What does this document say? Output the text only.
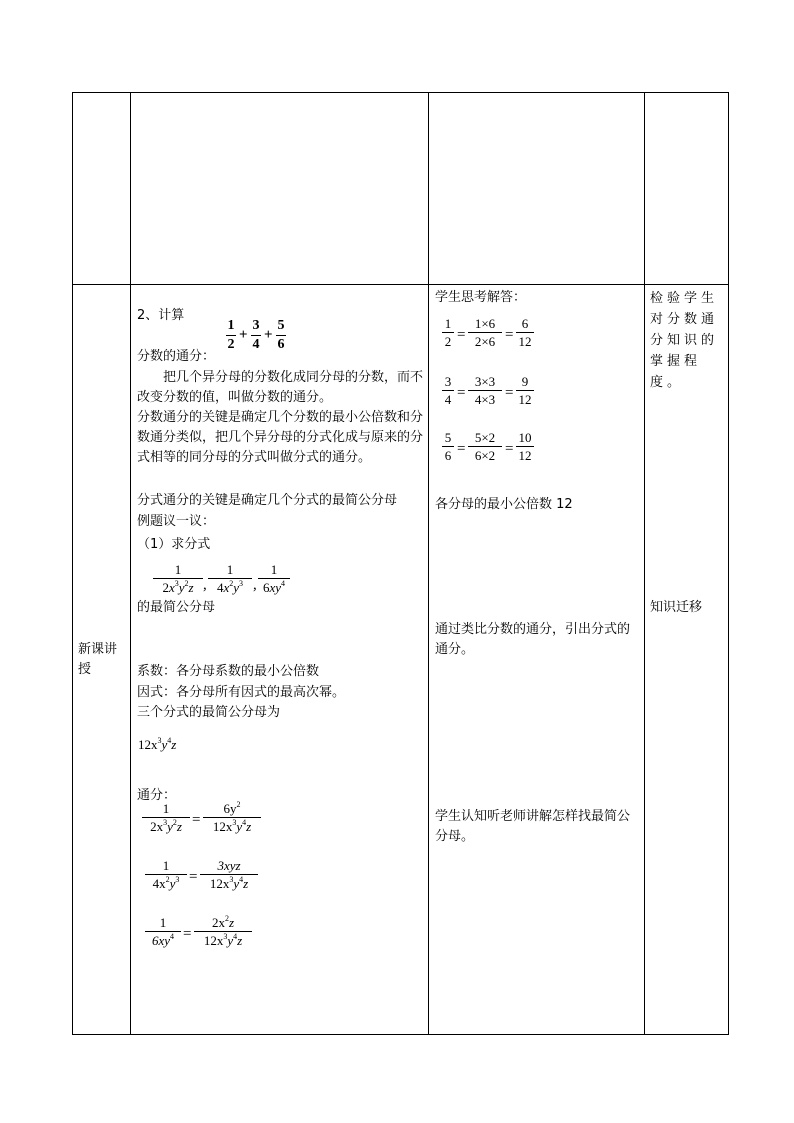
新课讲授
2、计算
1
2
+
3
4
+
5
6
分数的通分：
把几个异分母的分数化成同分母的分数，而不改变分数的值，叫做分数的通分。
分数通分的关键是确定几个分数的最小公倍数和分数通分类似，把几个异分母的分式化成与原来的分式相等的同分母的分式叫做分式的通分。
分式通分的关键是确定几个分式的最简公分母
例题议一议：
（1）求分式
1
$2x^3y^2z$ ,
1
$4x^2y^3$ ,
1
$6xy^4$
的最简公分母
系数：各分母系数的最小公倍数
因式：各分母所有因式的最高次幂。
三个分式的最简公分母为
$12x^3y^4z$
通分：
1
$2x^3y^2z$ =
$6y^2$
$12x^3y^4z$
1
$4x^2y^3$ =
3xyz
$12x^3y^4z$
1
$6xy^4$ =
$2x^2z$
$12x^3y^4z$
学生思考解答：
1
2 =
1×6
2×6 =
6
12
3
4 =
3×3
4×3 =
9
12
5
6 =
5×2
6×2 =
10
12
各分母的最小公倍数 12
通过类比分数的通分，引出分式的通分。
学生认知听老师讲解怎样找最简公分母。
检验学生对分数通分知识的掌握程度。
知识迁移
